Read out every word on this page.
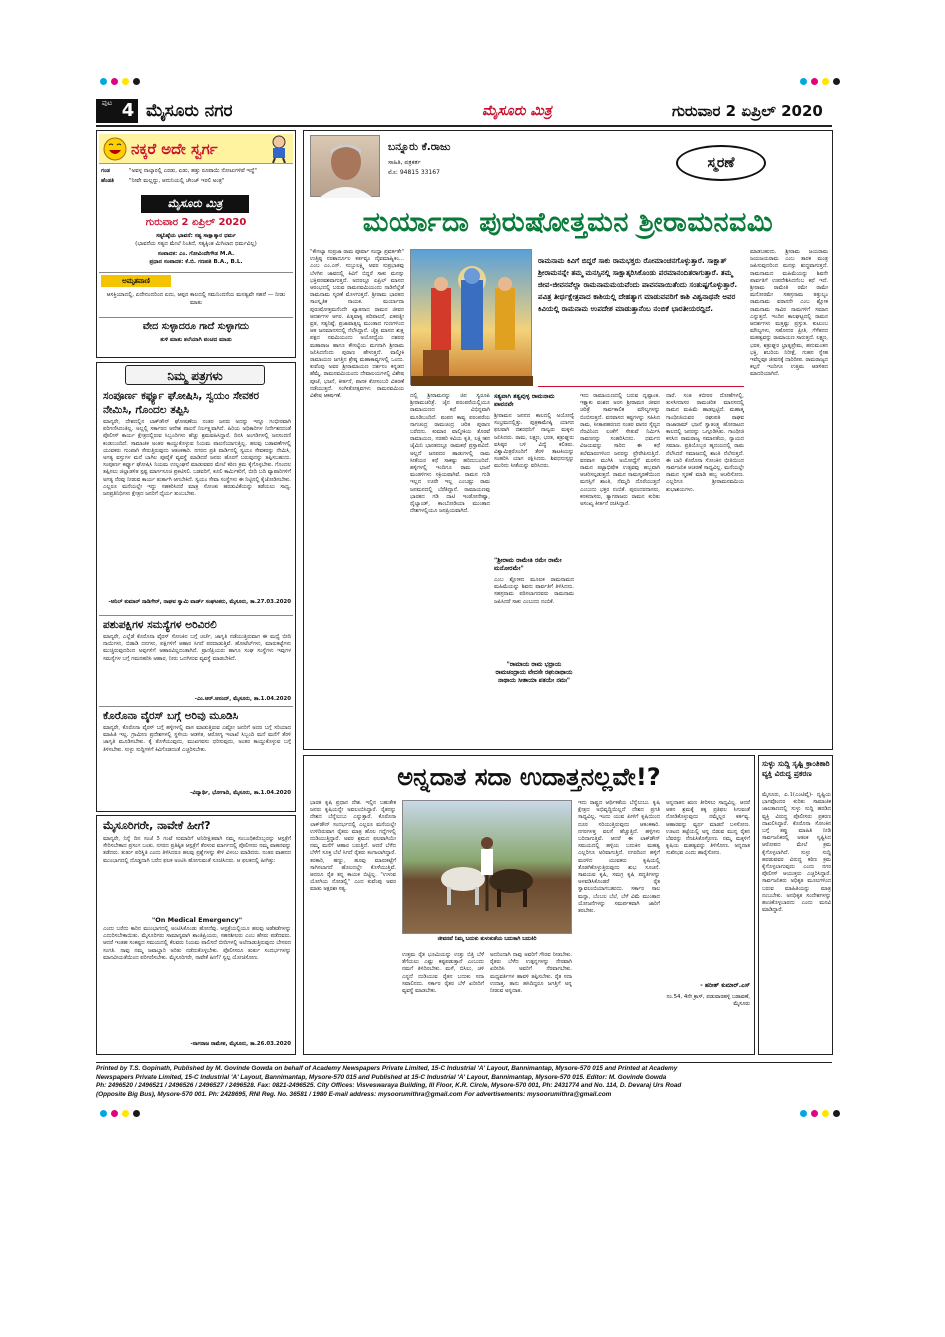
ಪುಟ 4 ಮೈಸೂರು ನಗರ	ಮೈಸೂರು ಮಿತ್ರ	ಗುರುವಾರ 2 ಏಪ್ರಿಲ್ 2020
ನಕ್ಕರೆ ಅದೇ ಸ್ವರ್ಗ
ಗಂಡ	"ಅವಳ್ಳ ನಾಲ್ಕಾರಲ್ಲಿ ಎರಡು, ಏಡು, ಹತ್ತು ರೂಪಾಯಿ ನೋಟುಗಳಿವೆ ಇದ್ದೆ"
ಹೆಂಡತಿ	"ನೀವೇ ಮಲ್ಲದ್ದು, ಆದುನಿಯಲ್ಲಿ ಚೇಂಜ್ ಇರಲಿ ಅಂತ್ರ"
ಮೈಸೂರು ಮಿತ್ರ
ಗುರುವಾರ 2 ಏಪ್ರಿಲ್ 2020
ಸತ್ಯನಿಷ್ಠೆಯ ಭಾವನೆ: ಸತ್ಯ ಸಾಕ್ಷಾತ್ಕಾರ ಧರ್ಮ
(ಭಾವನೆಯ ಸತ್ಯದ ಮೇಲೆ ನಿಂತಿದೆ, ಸತ್ಯಕ್ಕಿಂತ ಮಿಗಿಲಾದ ಧರ್ಮವಿಲ್ಲ)
ಸಂಪಾದಕ: ಎಂ. ಗೋವಿಂದೇಗೌಡ M.A.
ಪ್ರಧಾನ ಸಂಪಾದಕ: ಕೆ.ಬಿ. ಗಣಪತಿ B.A., B.L.
ಅಮೃತವಾಣಿ
ಆಸಕ್ತಿಯಾದಲ್ಲಿ, ಏದೇನಂದರಿಂದ ಏದು, ಆಪ್ಪನ ಕಾಲದಲ್ಲಿ ಸಮನಿಂದನೆಯ ಮನತ್ವವೇ ಸಹನೆ — ನೀಡು ಮಾತು
ವೇದ ಸುಳ್ಳಾದರೂ ಗಾದೆ ಸುಳ್ಳಾಗದು
ತುಳಿ ಮಾತು ತಲೆಯಾಗಿ ಪಂಚದ ಮಾಡು
ನಿಮ್ಮ ಪತ್ರಗಳು
ಸಂಪೂರ್ಣ ಕರ್ಫ್ಯೂ ಘೋಷಿಸಿ, ಸ್ವಯಂ ಸೇವಕರ ನೇಮಿಸಿ, ಗೊಂದಲ ತಪ್ಪಿಸಿ
ಮಾನ್ಯರೇ, ದೇಶದಲ್ಲಿನ ಲಾಕ್‌ಡೌನ್ ಘೋಷಣೆಯ ನಂತರ ಜನರು ಅದನ್ನು ಇನ್ನೂ ಗಂಭೀರವಾಗಿ ಪರಿಗಣಿಸಿದಂತಿಲ್ಲ. ಅಲ್ಲಲ್ಲಿ ಸರ್ಕಾರದ ಆದೇಶ ಪಾಲನೆ ನಿರ್ಲಕ್ಷ್ಯವಾಗಿದೆ. ಹಿರಿಯ ಅಧಿಕಾರಿಗಳ ನಿರ್ದೇಶನದಂತೆ ಪೊಲೀಸ್ ಕಾರ್ಯ ಕ್ಷೇತ್ರದಲ್ಲಿರುವ ಸಿಬ್ಬಂದಿಗಳು ಹೆಚ್ಚು ಶ್ರಮವಹಿಸಿದ್ದಾರೆ. ದಿನಸಿ ಅಂಗಡಿಗಳಲ್ಲಿ ಜನಸಂದಣಿ ಕಂಡುಬಂದಿದೆ. ಸಾಮಾಜಿಕ ಅಂತರ ಕಾಯ್ದುಕೊಳ್ಳುವ ನಿಯಮ ಪಾಲನೆಯಾಗುತ್ತಿಲ್ಲ. ಹಲವು ಬಡಾವಣೆಗಳಲ್ಲಿ ಯುವಕರು ಗುಂಪಾಗಿ ಸೇರುತ್ತಿರುವುದು ಆತಂಕಕಾರಿ. ನಗರದ ಪ್ರತಿ ವಾರ್ಡಿನಲ್ಲಿ ಸ್ವಯಂ ಸೇವಕರನ್ನು ನೇಮಿಸಿ, ಅಗತ್ಯ ವಸ್ತುಗಳ ಮನೆ ಬಾಗಿಲ ಪೂರೈಕೆ ವ್ಯವಸ್ಥೆ ಮಾಡಿದರೆ ಜನರು ಹೊರಗೆ ಬರುವುದನ್ನು ತಪ್ಪಿಸಬಹುದು. ಸಂಪೂರ್ಣ ಕರ್ಫ್ಯೂ ಘೋಷಿಸಿ ನಿಯಮ ಉಲ್ಲಂಘನೆ ಮಾಡುವವರ ಮೇಲೆ ಕಠಿಣ ಕ್ರಮ ಕೈಗೊಳ್ಳಬೇಕು. ಗೊಂದಲ ತಪ್ಪಿಸಲು ಜಿಲ್ಲಾಡಳಿತ ಸ್ಪಷ್ಟ ಮಾರ್ಗಸೂಚಿ ಪ್ರಕಟಿಸಲಿ. ಬಡವರಿಗೆ, ಕೂಲಿ ಕಾರ್ಮಿಕರಿಗೆ, ಬೀದಿ ಬದಿ ವ್ಯಾಪಾರಿಗಳಿಗೆ ಅಗತ್ಯ ನೆರವು ನೀಡುವ ಕಾರ್ಯ ತುರ್ತಾಗಿ ಆಗಬೇಕಿದೆ. ಸ್ವಯಂ ಸೇವಾ ಸಂಸ್ಥೆಗಳು ಈ ನಿಟ್ಟಿನಲ್ಲಿ ಕೈಜೋಡಿಸಬೇಕು. ಎಲ್ಲರೂ ಮನೆಯಲ್ಲೇ ಇದ್ದು ಸಹಕರಿಸಿದರೆ ಮಾತ್ರ ಸೋಂಕು ಹರಡುವಿಕೆಯನ್ನು ತಡೆಯಲು ಸಾಧ್ಯ. ಜನಪ್ರತಿನಿಧಿಗಳು ಕ್ಷೇತ್ರದ ಜನರಿಗೆ ಧೈರ್ಯ ತುಂಬಬೇಕು.
-ಅನಿಲ್ ಕುಮಾರ್ ನಾಡಿಗೇರ್, ರಾಘವ ಸ್ವಾಮಿ ವಾರ್ಡ್ ಸಂಘಟಕರು, ಮೈಸೂರು, ತಾ.27.03.2020
ಪಶುಪಕ್ಷಿಗಳ ಸಮಸ್ಯೆಗಳ ಅರಿವಿರಲಿ
ಮಾನ್ಯರೇ, ಎಲ್ಲೆಡೆ ಕೊರೊನಾ ವೈರಸ್ ಸೋಂಕಿನ ಬಗ್ಗೆ ಚರ್ಚೆ, ಜಾಗೃತಿ ನಡೆಯುತ್ತಿರುವಾಗ ಈ ಮಧ್ಯೆ ಬೀದಿ ನಾಯಿಗಳು, ಬಿಡಾಡಿ ದನಗಳು, ಪಕ್ಷಿಗಳಿಗೆ ಆಹಾರ ಸಿಗದೆ ಪರದಾಡುತ್ತಿವೆ. ಹೋಟೆಲ್‌ಗಳು, ಮಾರುಕಟ್ಟೆಗಳು ಮುಚ್ಚಿರುವುದರಿಂದ ಅವುಗಳಿಗೆ ಆಹಾರವಿಲ್ಲದಂತಾಗಿದೆ. ಪ್ರಾಣಿಪ್ರಿಯರು ಹಾಗೂ ಸಂಘ ಸಂಸ್ಥೆಗಳು ಇವುಗಳ ಸಮಸ್ಯೆಗಳ ಬಗ್ಗೆ ಗಮನಹರಿಸಿ ಆಹಾರ, ನೀರು ಒದಗಿಸುವ ವ್ಯವಸ್ಥೆ ಮಾಡಬೇಕಿದೆ.
-ಎಂ.ಆರ್.ಆನಂದ್, ಮೈಸೂರು, ತಾ.1.04.2020
ಕೊರೊನಾ ವೈರಸ್ ಬಗ್ಗೆ ಅರಿವು ಮೂಡಿಸಿ
ಮಾನ್ಯರೇ, ಕೊರೊನಾ ವೈರಸ್ ಬಗ್ಗೆ ಹಳ್ಳಿಗಳಲ್ಲಿ ವಾಸ ಮಾಡುತ್ತಿರುವ ಎಷ್ಟೋ ಜನರಿಗೆ ಅದರ ಬಗ್ಗೆ ಸರಿಯಾದ ಮಾಹಿತಿ ಇಲ್ಲ. ಗ್ರಾಮೀಣ ಪ್ರದೇಶಗಳಲ್ಲಿ ಸ್ಥಳೀಯ ಆಡಳಿತ, ಆರೋಗ್ಯ ಇಲಾಖೆ ಸಿಬ್ಬಂದಿ ಮನೆ ಮನೆಗೆ ತೆರಳಿ ಜಾಗೃತಿ ಮೂಡಿಸಬೇಕು. ಕೈ ತೊಳೆಯುವುದು, ಮುಖಗವಸು ಧರಿಸುವುದು, ಅಂತರ ಕಾಯ್ದುಕೊಳ್ಳುವ ಬಗ್ಗೆ ತಿಳಿಸಬೇಕು. ಸುಳ್ಳು ಸುದ್ದಿಗಳಿಗೆ ಕಿವಿಗೊಡದಂತೆ ಎಚ್ಚರಿಸಬೇಕು.
-ವಿದ್ಯಾರ್ಥಿ, ಭೋಗಾದಿ, ಮೈಸೂರು, ತಾ.1.04.2020
ಮೈಸೂರಿಗರೇ, ನಾವೇಕೆ ಹೀಗೆ?
ಮಾನ್ಯರೇ, ನಿನ್ನೆ ದಿನ ಸಂಜೆ 5 ಗಂಟೆ ಸುಮಾರಿಗೆ ಅನಿರೀಕ್ಷಿತವಾಗಿ ನಮ್ಮ ಸಂಬಂಧಿಕರೊಬ್ಬರನ್ನು ಆಸ್ಪತ್ರೆಗೆ ಸೇರಿಸಬೇಕಾದ ಪ್ರಸಂಗ ಬಂತು. ನಗರದ ಪ್ರತಿಷ್ಠಿತ ಆಸ್ಪತ್ರೆಗೆ ತೆರಳುವ ಮಾರ್ಗದಲ್ಲಿ ಪೊಲೀಸರು ನಮ್ಮ ವಾಹನವನ್ನು ತಡೆದರು. ತುರ್ತು ಪರಿಸ್ಥಿತಿ ಎಂದು ತಿಳಿಸಿದರೂ ಹಲವು ಪ್ರಶ್ನೆಗಳನ್ನು ಕೇಳಿ ವಿಳಂಬ ಮಾಡಿದರು. ನಂತರ ವಾಹನದ ಮುಂಭಾಗದಲ್ಲಿ ದೊಡ್ಡದಾಗಿ ಬರೆದ ಫಲಕ ಅಂಟಿಸಿ ಹೋಗುವಂತೆ ಸೂಚಿಸಿದರು. ಆ ಫಲಕದಲ್ಲಿ ಹೀಗಿತ್ತು:
"On Medical Emergency"
ಎಂದು ಬರೆದು ಕಾರಿನ ಮುಂಭಾಗದಲ್ಲಿ ಅಂಟಿಸಿಕೊಂಡು ಹೋದೆವು. ಆಸ್ಪತ್ರೆಯಲ್ಲಿಯೂ ಹಲವು ಅಡೆತಡೆಗಳನ್ನು ಎದುರಿಸಬೇಕಾಯಿತು. ಮೈಸೂರಿಗರು ಸಾಮಾನ್ಯವಾಗಿ ಶಾಂತಿಪ್ರಿಯರು, ಸಹನಶೀಲರು ಎಂಬ ಹೆಸರು ಪಡೆದವರು. ಆದರೆ ಇಂತಹ ಸಂಕಷ್ಟದ ಸಮಯದಲ್ಲಿ ಕೆಲವರು ನಿಯಮ ಪಾಲಿಸದೆ ಬೀದಿಗಳಲ್ಲಿ ಅಲೆದಾಡುತ್ತಿರುವುದು ಬೇಸರದ ಸಂಗತಿ. ನಾವು ನಮ್ಮ ಜವಾಬ್ದಾರಿ ಅರಿತು ನಡೆದುಕೊಳ್ಳಬೇಕು. ಪೊಲೀಸರೂ ತುರ್ತು ಸಂದರ್ಭಗಳನ್ನು ಮಾನವೀಯತೆಯಿಂದ ಪರಿಗಣಿಸಬೇಕು. ಮೈಸೂರಿಗರೇ, ನಾವೇಕೆ ಹೀಗೆ? ಸ್ವಲ್ಪ ಯೋಚಿಸೋಣ.
-ನಾಗರಾಜ ರಾಮೇಶ, ಮೈಸೂರು, ತಾ.26.03.2020
ಬನ್ನೂರು ಕೆ.ರಾಜು
ಸಾಹಿತಿ, ಪತ್ರಕರ್ತ
ಮೊ: 94815 33167
ಸ್ಮರಣೆ
ಮರ್ಯಾದಾ ಪುರುಷೋತ್ತಮನ ಶ್ರೀರಾಮನವಮಿ
"ಕೌಸಲ್ಯಾ ಸುಪ್ರಜಾ ರಾಮ ಪೂರ್ವಾ ಸಂಧ್ಯಾ ಪ್ರವರ್ತತೇ" ಉತ್ತಿಷ್ಠ ನರಶಾರ್ದೂಲ ಕರ್ತವ್ಯಂ ದೈವಮಾಹ್ನಿಕಂ... ಎಂಬ ಎಂ.ಎಸ್. ಸುಬ್ಬುಲಕ್ಷ್ಮಿ ಅವರ ಸುಪ್ರಭಾತವು ಬೆಳಗಿನ ಜಾವದಲ್ಲಿ ಕಿವಿಗೆ ಬಿದ್ದರೆ ಸಾಕು ಮನಸ್ಸು ಭಕ್ತಿಪರವಶವಾಗುತ್ತದೆ. ಅದರಲ್ಲೂ ಏಪ್ರಿಲ್ ಮಾಸದ ಆರಂಭದಲ್ಲಿ ಬರುವ ರಾಮನವಮಿಯಂದು ನಾಡಿನೆಲ್ಲೆಡೆ ರಾಮನಾಮ ಸ್ಮರಣೆ ಮೊಳಗುತ್ತದೆ. ಶ್ರೀರಾಮ ಭಾರತದ ಸಾಂಸ್ಕೃತಿಕ ನಾಯಕ. ಮರ್ಯಾದಾ ಪುರುಷೋತ್ತಮನೆಂದೇ ಖ್ಯಾತನಾದ ರಾಮನ ಜೀವನ ಆದರ್ಶಗಳ ಆಗರ. ಪಿತೃವಾಕ್ಯ ಪರಿಪಾಲನೆ, ಏಕಪತ್ನೀ ವ್ರತ, ಸತ್ಯನಿಷ್ಠೆ, ಪ್ರಜಾವಾತ್ಸಲ್ಯ ಮುಂತಾದ ಗುಣಗಳಿಂದ ಆತ ಜನಮಾನಸದಲ್ಲಿ ನೆಲೆಸಿದ್ದಾನೆ. ಚೈತ್ರ ಮಾಸದ ಶುಕ್ಲ ಪಕ್ಷದ ನವಮಿಯಂದು ಅಯೋಧ್ಯೆಯ ದಶರಥ ಮಹಾರಾಜ ಹಾಗೂ ಕೌಸಲ್ಯೆಯ ಮಗನಾಗಿ ಶ್ರೀರಾಮ ಜನಿಸಿದನೆಂದು ಪುರಾಣ ಹೇಳುತ್ತದೆ. ವಾಲ್ಮೀಕಿ ರಾಮಾಯಣ ಜಗತ್ತಿನ ಶ್ರೇಷ್ಠ ಮಹಾಕಾವ್ಯಗಳಲ್ಲಿ ಒಂದು. ಕುವೆಂಪು ಅವರ ಶ್ರೀರಾಮಾಯಣ ದರ್ಶನಂ ಕನ್ನಡದ ಹೆಮ್ಮೆ. ರಾಮನವಮಿಯಂದು ದೇವಾಲಯಗಳಲ್ಲಿ ವಿಶೇಷ ಪೂಜೆ, ಭಜನೆ, ಕೀರ್ತನೆ, ಪಾನಕ ಕೋಸಂಬರಿ ವಿತರಣೆ ನಡೆಯುತ್ತದೆ. ಸಂಗೀತೋತ್ಸವಗಳು ರಾಮನವಮಿಯ ವಿಶೇಷ ಆಕರ್ಷಣೆ.
ರಾಮನಾಮ ಕಿವಿಗೆ ಬಿದ್ದರೆ ಸಾಕು ರಾಮಭಕ್ತರು ರೋಮಾಂಚನಗೊಳ್ಳುತ್ತಾರೆ. ಸಾಕ್ಷಾತ್ ಶ್ರೀರಾಮನನ್ನೇ ತಮ್ಮ ಮನಸ್ಸಿನಲ್ಲಿ ಸಾಕ್ಷಾತ್ಕರಿಸಿಕೊಂಡು ಪರಮಾನಂದಿತರಾಗುತ್ತಾರೆ. ತಮ್ಮ ಜೀವ-ಜೀವನವೆಲ್ಲಾ ರಾಮನಾಮಮಯವೆಂದು ಪಾವನವಾಯಿತೆಂದು ಸಂತುಷ್ಟಗೊಳ್ಳುತ್ತಾರೆ. ಪವಿತ್ರ ತೀರ್ಥಕ್ಷೇತ್ರವಾದ ಕಾಶಿಯಲ್ಲಿ ದೇಹತ್ಯಾಗ ಮಾಡುವವರಿಗೆ ಕಾಶಿ ವಿಶ್ವನಾಥನೇ ಅವರ ಕಿವಿಯಲ್ಲಿ ರಾಮನಾಮ ಉಪದೇಶ ಮಾಡುತ್ತಾನೆಂಬ ನಂಬಿಕೆ ಭಾರತೀಯರದ್ದಿದೆ.
ಮಾಡಬಹುದು. ಶ್ರೀರಾಮ ಜಯರಾಮ ಜಯಜಯರಾಮ ಎಂಬ ತಾರಕ ಮಂತ್ರ ಜಪಿಸುವುದರಿಂದ ಮನಸ್ಸು ಶುದ್ಧವಾಗುತ್ತದೆ. ರಾಮನಾಮದ ಮಹಿಮೆಯನ್ನು ಶಿವನೇ ಪಾರ್ವತಿಗೆ ಉಪದೇಶಿಸಿದನೆಂಬ ಕಥೆ ಇದೆ. ಶ್ರೀರಾಮ ರಾಮೇತಿ ರಮೇ ರಾಮೇ ಮನೋರಮೇ ಸಹಸ್ರನಾಮ ತತ್ತುಲ್ಯಂ ರಾಮನಾಮ ವರಾನನೇ ಎಂಬ ಶ್ಲೋಕ ರಾಮನಾಮ ಸಾವಿರ ನಾಮಗಳಿಗೆ ಸಮಾನ ಎನ್ನುತ್ತದೆ. ಇಂದಿನ ಕಾಲಘಟ್ಟದಲ್ಲಿ ರಾಮನ ಆದರ್ಶಗಳು ಮತ್ತಷ್ಟು ಪ್ರಸ್ತುತ. ಕುಟುಂಬ ಮೌಲ್ಯಗಳು, ಸಹೋದರ ಪ್ರೀತಿ, ಗೆಳೆತನದ ಮಹತ್ವವನ್ನು ರಾಮಾಯಣ ಸಾರುತ್ತದೆ. ಲಕ್ಷ್ಮಣ, ಭರತ, ಶತ್ರುಘ್ನರ ಭ್ರಾತೃಪ್ರೇಮ, ಹನುಮಂತನ ಭಕ್ತಿ, ಶಬರಿಯ ನಿರೀಕ್ಷೆ, ಗುಹನ ಸ್ನೇಹ ಇವೆಲ್ಲವೂ ಜೀವನಕ್ಕೆ ದಾರಿದೀಪ. ರಾಮರಾಜ್ಯದ ಕಲ್ಪನೆ ಇಂದಿಗೂ ಉತ್ತಮ ಆಡಳಿತದ ಮಾದರಿಯಾಗಿದೆ.
ದಲ್ಲಿ ಶ್ರೀರಾಮನನ್ನು ಜಿನ ಸ್ವರೂಪಿ ಶ್ರೀರಾಮಚರಿತ್ರೆ. ಜೈನ ಪರಂಪರೆಯಲ್ಲಿಯೂ ರಾಮಾಯಣದ ಕಥೆ ವಿಭಿನ್ನವಾಗಿ ಮೂಡಿಬಂದಿದೆ. ಪಂಪನ ಕಾವ್ಯ ಪರಂಪರೆಯ ನಾಗಚಂದ್ರ ರಾಮಚಂದ್ರ ಚರಿತ ಪುರಾಣ ಬರೆದನು. ಕುಮಾರ ವಾಲ್ಮೀಕಿಯ ತೊರವೆ ರಾಮಾಯಣ, ನರಹರಿ ಕವಿಯ ಕೃತಿ, ಲಕ್ಷ್ಮೀಶನ ಜೈಮಿನಿ ಭಾರತದಲ್ಲೂ ರಾಮಕಥೆ ಪ್ರಸ್ತಾಪವಿದೆ. ಅಲ್ಲದೆ ಜನಪದರ ಹಾಡುಗಳಲ್ಲಿ ರಾಮ ಸೀತೆಯರ ಕಥೆ ಸಾಕಷ್ಟು ಹರಿದುಬಂದಿದೆ. ಹಳ್ಳಿಗಳಲ್ಲಿ ಇಂದಿಗೂ ರಾಮ ಭಜನೆ ಮಂಡಳಿಗಳು ಸಕ್ರಿಯವಾಗಿವೆ. ರಾಮನ ಗುಡಿ ಇಲ್ಲದ ಊರೇ ಇಲ್ಲ ಎಂಬಷ್ಟು ರಾಮ ಜನಮನದಲ್ಲಿ ಬೆರೆತಿದ್ದಾನೆ. ರಾಮಾಯಣವು ಭಾರತದ ಗಡಿ ದಾಟಿ ಇಂಡೋನೇಷ್ಯಾ, ಥೈಲ್ಯಾಂಡ್, ಕಾಂಬೋಡಿಯಾ ಮುಂತಾದ ದೇಶಗಳಲ್ಲಿಯೂ ಜನಪ್ರಿಯವಾಗಿದೆ.
ಸತ್ಯವಾಗಿ ತತ್ವವುಳ್ಳ ರಾಮನಾಮ ಪಾವನವೇ
ಶ್ರೀರಾಮನ ಜನನದ ಕಾಲದಲ್ಲಿ ಅಯೋಧ್ಯೆ ಸಂಭ್ರಮದಲ್ಲಿತ್ತು. ಪುತ್ರಕಾಮೇಷ್ಠಿ ಯಾಗದ ಫಲವಾಗಿ ದಶರಥನಿಗೆ ನಾಲ್ವರು ಮಕ್ಕಳು ಜನಿಸಿದರು. ರಾಮ, ಲಕ್ಷ್ಮಣ, ಭರತ, ಶತ್ರುಘ್ನರು ವಸಿಷ್ಠರ ಬಳಿ ವಿದ್ಯೆ ಕಲಿತರು. ವಿಶ್ವಾಮಿತ್ರರೊಂದಿಗೆ ತೆರಳಿ ತಾಟಕಿಯನ್ನು ಸಂಹರಿಸಿ ಯಾಗ ರಕ್ಷಿಸಿದರು. ಶಿವಧನುಸ್ಸನ್ನು ಮುರಿದು ಸೀತೆಯನ್ನು ವರಿಸಿದರು.
"ಶ್ರೀರಾಮ ರಾಮೇತಿ ರಮೇ ರಾಮೇ ಮನೋರಮೇ"
ಎಂಬ ಶ್ಲೋಕದ ಮೂಲಕ ರಾಮನಾಮದ ಮಹಿಮೆಯನ್ನು ಶಿವನು ಪಾರ್ವತಿಗೆ ತಿಳಿಸಿದನು. ಸಹಸ್ರನಾಮ ಪಠಿಸಲಾಗದವರು ರಾಮನಾಮ ಜಪಿಸಿದರೆ ಸಾಕು ಎಂಬುದು ನಂಬಿಕೆ.
"ರಾಮಾಯ ರಾಮ ಭದ್ರಾಯ ರಾಮಚಂದ್ರಾಯ ವೇದಸೇ ರಘುನಾಥಾಯ ನಾಥಾಯ ಸೀತಾಯಾ ಪತಯೇ ನಮಃ"
ಇದು ರಾಮಾಯಣದಲ್ಲಿ ಬರುವ ದೃಷ್ಟಾಂತ. ಇಕ್ಷ್ವಾಕು ವಂಶದ ಅರಸ ಶ್ರೀರಾಮನ ಜೀವನ ಚರಿತ್ರೆ ಸಾರ್ವಕಾಲಿಕ ಮೌಲ್ಯಗಳನ್ನು ಬಿಂಬಿಸುತ್ತದೆ. ವನವಾಸದ ಕಷ್ಟಗಳನ್ನು ಸಹಿಸಿದ ರಾಮ, ಸೀತಾಪಹರಣದ ನಂತರ ವಾನರ ಸೈನ್ಯದ ನೆರವಿನಿಂದ ಲಂಕೆಗೆ ಸೇತುವೆ ನಿರ್ಮಿಸಿ ರಾವಣನನ್ನು ಸಂಹರಿಸಿದನು. ಧರ್ಮದ ವಿಜಯವನ್ನು ಸಾರಿದ ಈ ಕಥೆ ತಲೆಮಾರುಗಳಿಂದ ಜನರನ್ನು ಪ್ರೇರೇಪಿಸುತ್ತಿದೆ. ವನವಾಸ ಮುಗಿಸಿ ಅಯೋಧ್ಯೆಗೆ ಮರಳಿದ ರಾಮನ ಪಟ್ಟಾಭಿಷೇಕ ಉತ್ಸವವು ಹಬ್ಬವಾಗಿ ಆಚರಿಸಲ್ಪಡುತ್ತದೆ. ರಾಮನ ನಾಮಸ್ಮರಣೆಯಿಂದ ಮನಸ್ಸಿಗೆ ಶಾಂತಿ, ನೆಮ್ಮದಿ ದೊರೆಯುತ್ತದೆ ಎಂಬುದು ಭಕ್ತರ ನಂಬಿಕೆ. ಪುರಂದರದಾಸರು, ಕನಕದಾಸರು, ತ್ಯಾಗರಾಜರು ರಾಮನ ಕುರಿತು ಅಸಂಖ್ಯ ಕೀರ್ತನೆ ರಚಿಸಿದ್ದಾರೆ.
ದಾರೆ. ಸಂತ ಕಬೀರರ ದೋಹೆಗಳಲ್ಲಿ, ತುಳಸೀದಾಸರ ರಾಮಚರಿತ ಮಾನಸದಲ್ಲಿ ರಾಮನ ಮಹಿಮೆ ಹಾಡಲ್ಪಟ್ಟಿದೆ. ಮಹಾತ್ಮ ಗಾಂಧೀಜಿಯವರ ರಘುಪತಿ ರಾಘವ ರಾಜಾರಾಮ್ ಭಜನೆ ಸ್ವಾತಂತ್ರ್ಯ ಹೋರಾಟದ ಕಾಲದಲ್ಲಿ ಜನರನ್ನು ಒಗ್ಗೂಡಿಸಿತು. ಗಾಂಧೀಜಿ ಕನಸಿದ ರಾಮರಾಜ್ಯ ಸಮಾನತೆಯ, ನ್ಯಾಯದ ಸಮಾಜ. ಪ್ರತಿಯೊಬ್ಬರ ಹೃದಯದಲ್ಲಿ ರಾಮ ನೆಲೆಸಿದರೆ ಸಮಾಜದಲ್ಲಿ ಶಾಂತಿ ನೆಲೆಸುತ್ತದೆ. ಈ ಬಾರಿ ಕೊರೊನಾ ಸೋಂಕಿನ ಭೀತಿಯಿಂದ ಸಾರ್ವಜನಿಕ ಆಚರಣೆ ಸಾಧ್ಯವಿಲ್ಲ. ಮನೆಯಲ್ಲೇ ರಾಮನ ಸ್ಮರಣೆ ಮಾಡಿ ಹಬ್ಬ ಆಚರಿಸೋಣ. ಎಲ್ಲರಿಗೂ ಶ್ರೀರಾಮನವಮಿಯ ಶುಭಾಶಯಗಳು.
ಅನ್ನದಾತ ಸದಾ ಉದಾತ್ತನಲ್ಲವೇ!?
ಭಾರತ ಕೃಷಿ ಪ್ರಧಾನ ದೇಶ. ಇಲ್ಲಿನ ಬಹುತೇಕ ಜನರು ಕೃಷಿಯನ್ನೇ ಅವಲಂಬಿಸಿದ್ದಾರೆ. ರೈತನನ್ನು ದೇಶದ ಬೆನ್ನೆಲುಬು ಎನ್ನುತ್ತಾರೆ. ಕೊರೊನಾ ಲಾಕ್‌ಡೌನ್ ಸಂದರ್ಭದಲ್ಲಿ ಎಲ್ಲರೂ ಮನೆಯಲ್ಲೇ ಉಳಿದಿರುವಾಗ ರೈತರು ಮಾತ್ರ ಹೊಲ ಗದ್ದೆಗಳಲ್ಲಿ ದುಡಿಯುತ್ತಿದ್ದಾರೆ. ಅವರ ಶ್ರಮದ ಫಲವಾಗಿಯೇ ನಮ್ಮ ಮನೆಗೆ ಆಹಾರ ಬರುತ್ತಿದೆ. ಆದರೆ ಬೆಳೆದ ಬೆಳೆಗೆ ಸೂಕ್ತ ಬೆಲೆ ಸಿಗದೆ ರೈತರು ಕಂಗಾಲಾಗಿದ್ದಾರೆ. ತರಕಾರಿ, ಹಣ್ಣು, ಹೂವು ಮಾರುಕಟ್ಟೆಗೆ ಸಾಗಿಸಲಾಗದೆ ಹೊಲದಲ್ಲೇ ಕೊಳೆಯುತ್ತಿವೆ. ಆದರೂ ರೈತ ತನ್ನ ಕಾಯಕ ಬಿಟ್ಟಿಲ್ಲ. "ಉಳುವ ಯೋಗಿಯ ನೋಡಲ್ಲಿ" ಎಂದ ಕುವೆಂಪು ಅವರ ಮಾತು ಅಕ್ಷರಶಃ ಸತ್ಯ.
ಜೀವನವೆ ನಿಮ್ಮ ಬದುಕು ತುಳುಕುತೆಯ ಬದುಕಾಗಿ ಬದುಕಿರಿ
ಉತ್ತಮ ರೈತ ಭೂಮಿಯನ್ನು ಉತ್ತು ಬಿತ್ತಿ ಬೆಳೆ ತೆಗೆಯಲು ಎಷ್ಟು ಕಷ್ಟಪಡುತ್ತಾನೆ ಎಂಬುದು ನಮಗೆ ತಿಳಿದಿರಬೇಕು. ಮಳೆ, ಬಿಸಿಲು, ಚಳಿ ಎನ್ನದೆ ದುಡಿಯುವ ರೈತನ ಬದುಕು ಸದಾ ಸವಾಲಿನದು. ಸರ್ಕಾರ ರೈತರ ಬೆಳೆ ಖರೀದಿಗೆ ವ್ಯವಸ್ಥೆ ಮಾಡಬೇಕು.
ಅದರಿಂದಾಗಿ ನಾವು ಅವರಿಗೆ ಗೌರವ ನೀಡಬೇಕು. ರೈತರು ಬೆಳೆದ ಉತ್ಪನ್ನಗಳನ್ನು ನೇರವಾಗಿ ಖರೀದಿಸಿ ಅವರಿಗೆ ನೆರವಾಗಬೇಕು. ಮಧ್ಯವರ್ತಿಗಳ ಹಾವಳಿ ತಪ್ಪಿಸಬೇಕು. ರೈತ ಸದಾ ಉದಾತ್ತ. ತಾನು ಹಸಿದಿದ್ದರೂ ಜಗತ್ತಿಗೆ ಅನ್ನ ನೀಡುವ ಅನ್ನದಾತ.
ಇದು ರಾಷ್ಟ್ರದ ಆರ್ಥಿಕತೆಯ ಬೆನ್ನೆಲುಬು. ಕೃಷಿ ಕ್ಷೇತ್ರದ ಅಭಿವೃದ್ಧಿಯಿಲ್ಲದೆ ದೇಶದ ಪ್ರಗತಿ ಸಾಧ್ಯವಿಲ್ಲ. ಇಂದು ಯುವ ಪೀಳಿಗೆ ಕೃಷಿಯಿಂದ ದೂರ ಸರಿಯುತ್ತಿರುವುದು ಆತಂಕಕಾರಿ. ನಗರಗಳತ್ತ ವಲಸೆ ಹೆಚ್ಚುತ್ತಿದೆ. ಹಳ್ಳಿಗಳು ಬರಿದಾಗುತ್ತಿವೆ. ಆದರೆ ಈ ಲಾಕ್‌ಡೌನ್ ಸಮಯದಲ್ಲಿ ಹಳ್ಳಿಯ ಬದುಕಿನ ಮಹತ್ವ ಎಲ್ಲರಿಗೂ ಅರಿವಾಗುತ್ತಿದೆ. ನಗರದಿಂದ ಹಳ್ಳಿಗೆ ಮರಳಿದ ಯುವಕರು ಕೃಷಿಯಲ್ಲಿ ತೊಡಗಿಕೊಳ್ಳುತ್ತಿರುವುದು ಶುಭ ಸೂಚನೆ. ಸಾವಯವ ಕೃಷಿ, ಸಮಗ್ರ ಕೃಷಿ ಪದ್ಧತಿಗಳನ್ನು ಅಳವಡಿಸಿಕೊಂಡರೆ ರೈತ ಸ್ವಾವಲಂಬಿಯಾಗಬಹುದು. ಸರ್ಕಾರ ಸಾಲ ಮನ್ನಾ, ಬೆಂಬಲ ಬೆಲೆ, ಬೆಳೆ ವಿಮೆ ಮುಂತಾದ ಯೋಜನೆಗಳನ್ನು ಸಮರ್ಪಕವಾಗಿ ಜಾರಿಗೆ ತರಬೇಕು.
ಅನ್ನದಾತನ ಋಣ ತೀರಿಸಲು ಸಾಧ್ಯವಿಲ್ಲ. ಆದರೆ ಆತನ ಶ್ರಮಕ್ಕೆ ತಕ್ಕ ಪ್ರತಿಫಲ ಸಿಗುವಂತೆ ನೋಡಿಕೊಳ್ಳುವುದು ನಮ್ಮೆಲ್ಲರ ಕರ್ತವ್ಯ. ಆಹಾರವನ್ನು ವ್ಯರ್ಥ ಮಾಡದೆ ಬಳಸೋಣ. ಊಟದ ತಟ್ಟೆಯಲ್ಲಿ ಅನ್ನ ಬಿಡುವ ಮುನ್ನ ರೈತನ ಬೆವರನ್ನು ನೆನಪಿಸಿಕೊಳ್ಳೋಣ. ನಮ್ಮ ಮಕ್ಕಳಿಗೆ ಕೃಷಿಯ ಮಹತ್ವವನ್ನು ತಿಳಿಸೋಣ. ಅನ್ನದಾತ ಸುಖೀಭವ ಎಂದು ಹಾರೈಸೋಣ.
- ಹರೀಶ್ ಕುಮಾರ್.ಎಸ್
ನಂ.54, 4ನೇ ಕ್ರಾಸ್, ಪಡುವಾರಹಳ್ಳಿ ಬಡಾವಣೆ, ಮೈಸೂರು
ಸುಳ್ಳು ಸುದ್ದಿ ಸೃಷ್ಟಿ ಕ್ರಾಂತಿಕಾರಿ ವ್ಯಕ್ತಿ ವಿರುದ್ಧ ಪ್ರಕರಣ
ಮೈಸೂರು, ಏ.1(ಎಂಟಿವೈ)- ದೃಷ್ಟಿಯ ಭಾಗವೊಂದರ ಕುರಿತು ಸಾಮಾಜಿಕ ಜಾಲತಾಣದಲ್ಲಿ ಸುಳ್ಳು ಸುದ್ದಿ ಹರಡಿದ ವ್ಯಕ್ತಿ ವಿರುದ್ಧ ಪೊಲೀಸರು ಪ್ರಕರಣ ದಾಖಲಿಸಿದ್ದಾರೆ. ಕೊರೊನಾ ಸೋಂಕಿನ ಬಗ್ಗೆ ತಪ್ಪು ಮಾಹಿತಿ ನೀಡಿ ಸಾರ್ವಜನಿಕರಲ್ಲಿ ಆತಂಕ ಸೃಷ್ಟಿಸಿದ ಆರೋಪದ ಮೇಲೆ ಕ್ರಮ ಕೈಗೊಳ್ಳಲಾಗಿದೆ. ಸುಳ್ಳು ಸುದ್ದಿ ಹರಡುವವರ ವಿರುದ್ಧ ಕಠಿಣ ಕ್ರಮ ಕೈಗೊಳ್ಳಲಾಗುವುದು ಎಂದು ನಗರ ಪೊಲೀಸ್ ಆಯುಕ್ತರು ಎಚ್ಚರಿಸಿದ್ದಾರೆ. ಸಾರ್ವಜನಿಕರು ಅಧಿಕೃತ ಮೂಲಗಳಿಂದ ಬರುವ ಮಾಹಿತಿಯನ್ನು ಮಾತ್ರ ನಂಬಬೇಕು. ಅನಧಿಕೃತ ಸಂದೇಶಗಳನ್ನು ಹಂಚಿಕೊಳ್ಳಬಾರದು ಎಂದು ಮನವಿ ಮಾಡಿದ್ದಾರೆ.
Printed by T.S. Gopinath, Published by M. Govinde Gowda on behalf of Academy Newspapers Private Limited, 15-C Industrial 'A' Layout, Bannimantap, Mysore-570 015 and Printed at Academy
Newspapers Private Limited, 15-C Industrial 'A' Layout, Bannimantap, Mysore-570 015 and Published at 15-C Industrial 'A' Layout, Bannimantap, Mysore-570 015. Editor: M. Govinde Gowda
Ph: 2496520 / 2496521 / 2496526 / 2496527 / 2496528. Fax: 0821-2496525. City Offices: Visveswaraya Building, III Floor, K.R. Circle, Mysore-570 001, Ph: 2431774 and No. 114, D. Devaraj Urs Road
(Opposite Big Bus), Mysore-570 001. Ph: 2428695, RNI Reg. No. 36581 / 1980 E-mail address: mysoorumithra@gmail.com For advertisements: mysoorumithra@gmail.com
